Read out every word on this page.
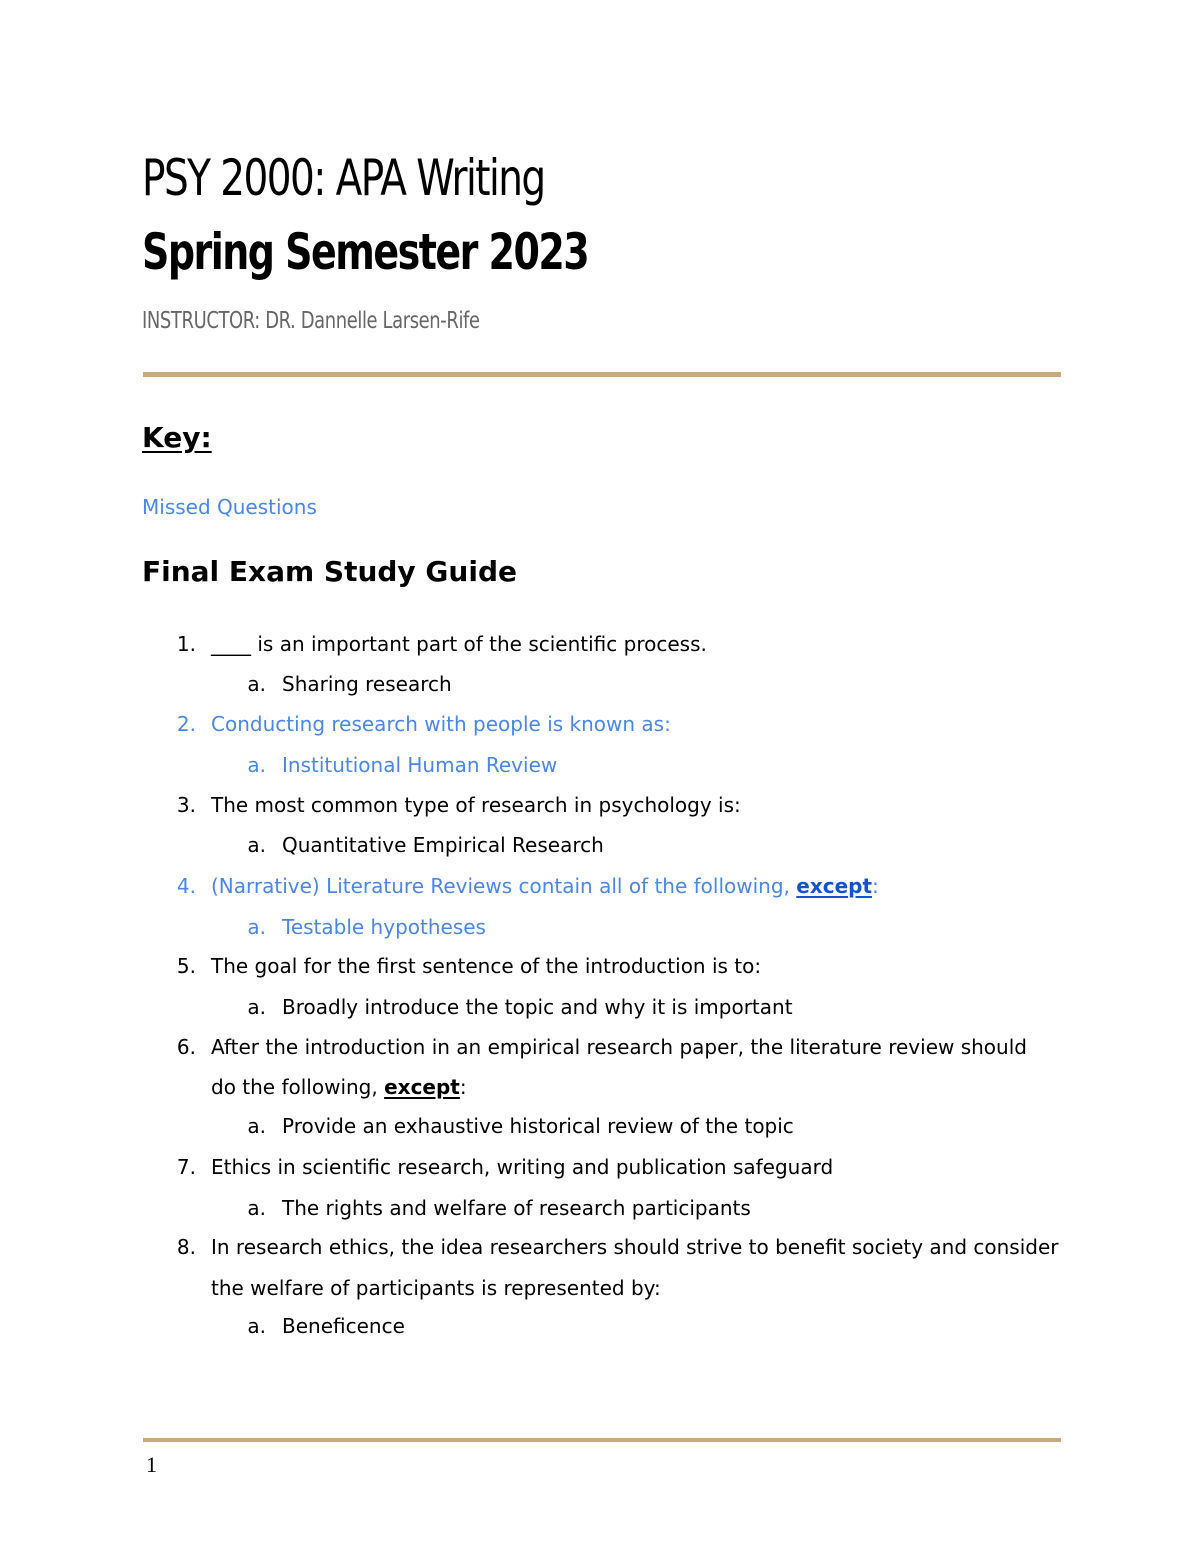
PSY 2000: APA Writing
Spring Semester 2023
INSTRUCTOR: DR. Dannelle Larsen-Rife
Key:
Missed Questions
Final Exam Study Guide
1. ____ is an important part of the scientific process.
a. Sharing research
2. Conducting research with people is known as:
a. Institutional Human Review
3. The most common type of research in psychology is:
a. Quantitative Empirical Research
4. (Narrative) Literature Reviews contain all of the following, except:
a. Testable hypotheses
5. The goal for the first sentence of the introduction is to:
a. Broadly introduce the topic and why it is important
6. After the introduction in an empirical research paper, the literature review should
do the following, except:
a. Provide an exhaustive historical review of the topic
7. Ethics in scientific research, writing and publication safeguard
a. The rights and welfare of research participants
8. In research ethics, the idea researchers should strive to benefit society and consider
the welfare of participants is represented by:
a. Beneficence
1
